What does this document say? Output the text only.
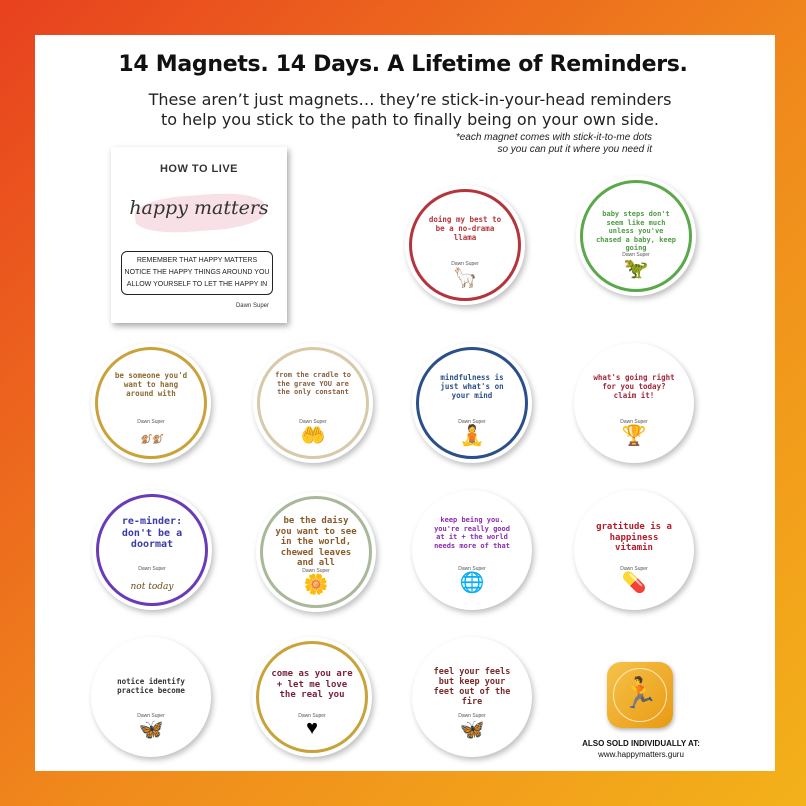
14 Magnets. 14 Days. A Lifetime of Reminders.
These aren’t just magnets… they’re stick-in-your-head reminders to help you stick to the path to finally being on your own side.
*each magnet comes with stick-it-to-me dots
so you can put it where you need it
HOW TO LIVE
happy matters
REMEMBER THAT HAPPY MATTERS
NOTICE THE HAPPY THINGS AROUND YOU
ALLOW YOURSELF TO LET THE HAPPY IN
Dawn Super
doing my best to be a no-drama llama
🦙
Dawn Super
baby steps don't seem like much unless you've chased a baby, keep going
🦖
Dawn Super
be someone you'd want to hang around with
🐒🐒
Dawn Super
from the cradle to the grave YOU are the only constant
🤲
Dawn Super
mindfulness is just what's on your mind
🧘
Dawn Super
what's going right for you today? claim it!
🏆
Dawn Super
re-minder: don't be a doormat
not today
Dawn Super
be the daisy you want to see in the world, chewed leaves and all
🌼
Dawn Super
keep being you. you're really good at it + the world needs more of that
🌐
Dawn Super
gratitude is a happiness vitamin
💊
Dawn Super
notice identify practice become
🦋
Dawn Super
come as you are + let me love the real you
♥
Dawn Super
feel your feels but keep your feet out of the fire
🦋
Dawn Super
🏃
ALSO SOLD INDIVIDUALLY AT:
www.happymatters.guru
